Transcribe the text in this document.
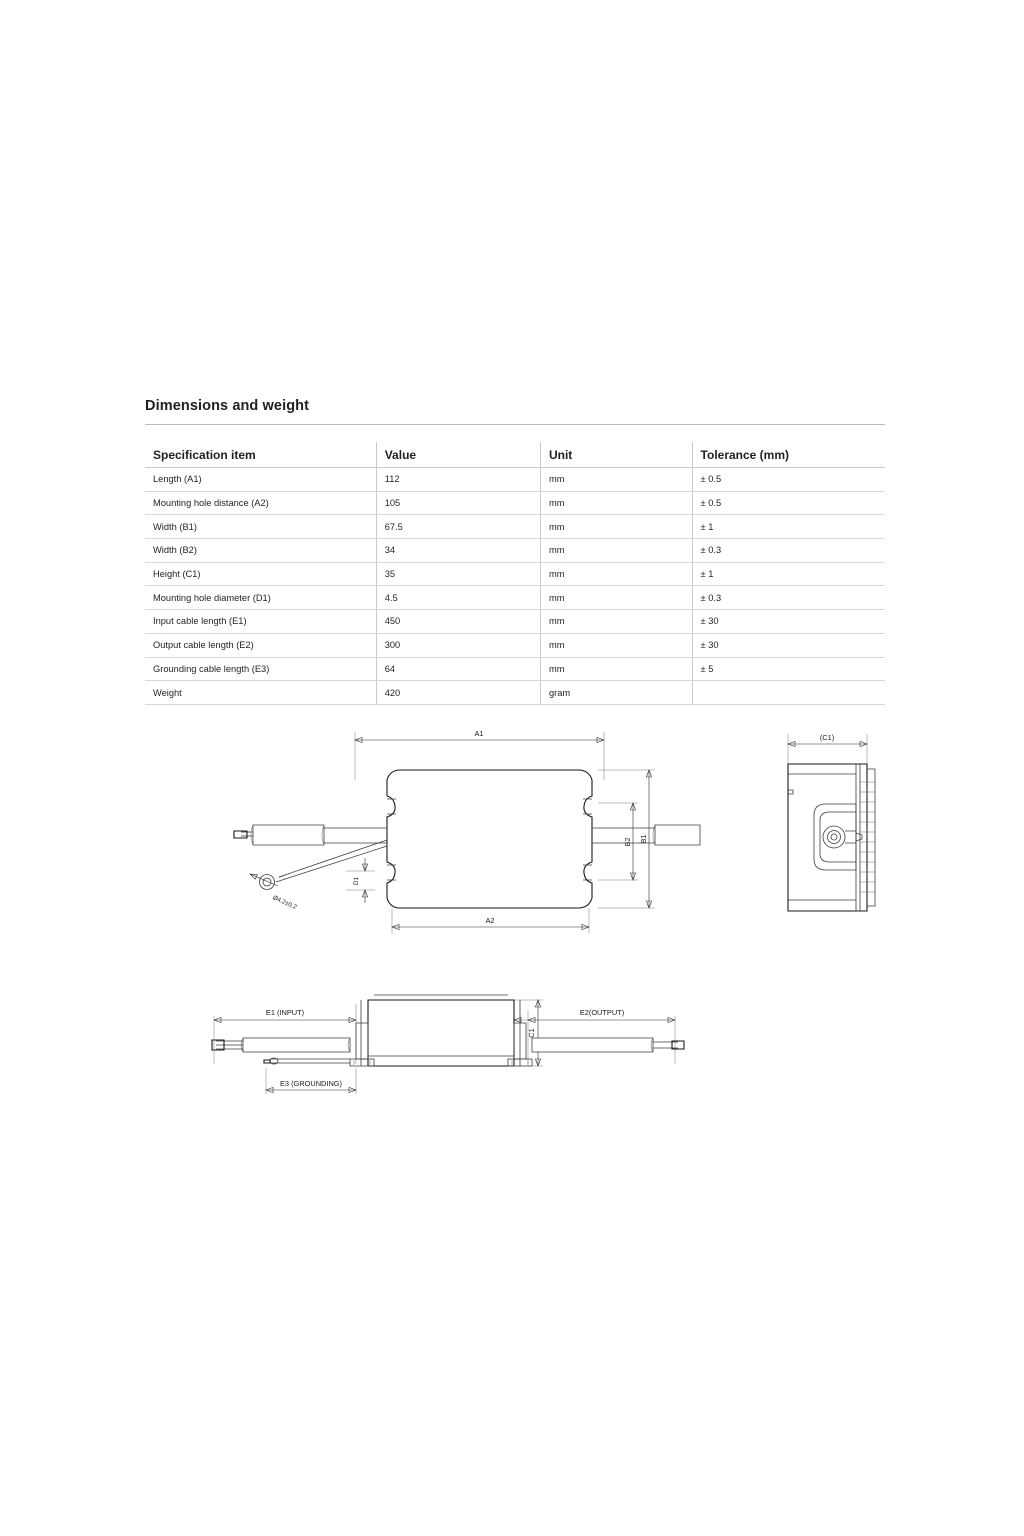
Dimensions and weight
Specification item	Value	Unit	Tolerance (mm)
Length (A1)	112	mm	± 0.5
Mounting hole distance (A2)	105	mm	± 0.5
Width (B1)	67.5	mm	± 1
Width (B2)	34	mm	± 0.3
Height (C1)	35	mm	± 1
Mounting hole diameter (D1)	4.5	mm	± 0.3
Input cable length (E1)	450	mm	± 30
Output cable length (E2)	300	mm	± 30
Grounding cable length (E3)	64	mm	± 5
Weight	420	gram	
A1
A2
B1
B2
D1
Ø4.2±0.2
(C1)
E1 (INPUT)	E2(OUTPUT)
E3 (GROUNDING)
C1
